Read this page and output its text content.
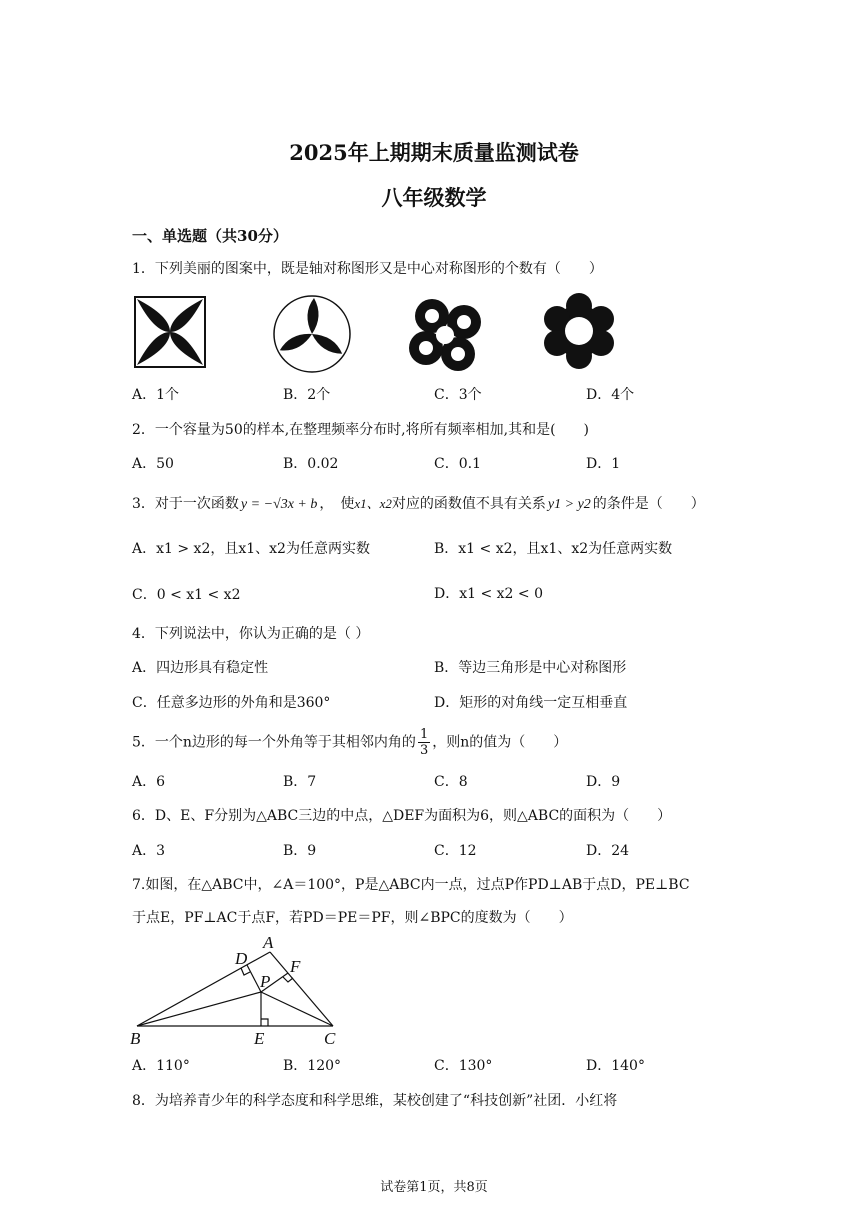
2025年上期期末质量监测试卷
八年级数学
一、单选题（共30分）
1．下列美丽的图案中，既是轴对称图形又是中心对称图形的个数有（　　）
A．1个	B．2个	C．3个	D．4个
2．一个容量为50的样本,在整理频率分布时,将所有频率相加,其和是(　　)
A．50	B．0.02	C．0.1	D．1
3．对于一次函数 y = −√3x + b ，　使x1、x2对应的函数值不具有关系 y1 > y2 的条件是（　　）
A．x1 > x2，且x1、x2为任意两实数	B．x1 < x2，且x1、x2为任意两实数
C．0 < x1 < x2	D．x1 < x2 < 0
4．下列说法中，你认为正确的是（ ）
A．四边形具有稳定性	B．等边三角形是中心对称图形
C．任意多边形的外角和是360°	D．矩形的对角线一定互相垂直
5．一个n边形的每一个外角等于其相邻内角的 $\frac{1}{3}$ ，则n的值为（　　）
A．6	B．7	C．8	D．9
6．D、E、F分别为△ABC三边的中点，△DEF为面积为6，则△ABC的面积为（　　）
A．3	B．9	C．12	D．24
7.如图，在△ABC中，∠A＝100°，P是△ABC内一点，过点P作PD⊥AB于点D，PE⊥BC
于点E，PF⊥AC于点F，若PD＝PE＝PF，则∠BPC的度数为（　　）
A
B	C
D
E
F
P
A．110°	B．120°	C．130°	D．140°
8．为培养青少年的科学态度和科学思维，某校创建了“科技创新”社团．小红将
试卷第1页，共8页
